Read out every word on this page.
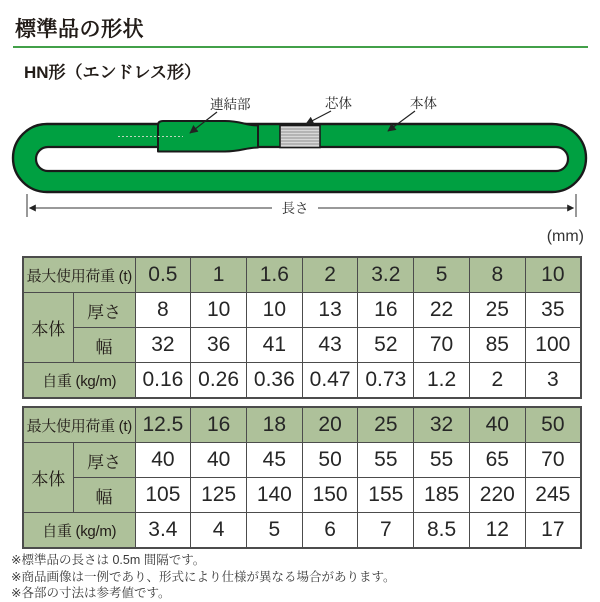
標準品の形状
HN形（エンドレス形）
連結部	芯体	本体
長さ
(mm)
最大使用荷重 (t)		0.5	1	1.6	2	3.2	5	8	10
本体	厚さ	8	10	10	13	16	22	25	35
	幅	32	36	41	43	52	70	85	100
自重 (kg/m)		0.16	0.26	0.36	0.47	0.73	1.2	2	3
最大使用荷重 (t)		12.5	16	18	20	25	32	40	50
本体	厚さ	40	40	45	50	55	55	65	70
	幅	105	125	140	150	155	185	220	245
自重 (kg/m)		3.4	4	5	6	7	8.5	12	17
※標準品の長さは 0.5m 間隔です。
※商品画像は一例であり、形式により仕様が異なる場合があります。
※各部の寸法は参考値です。
